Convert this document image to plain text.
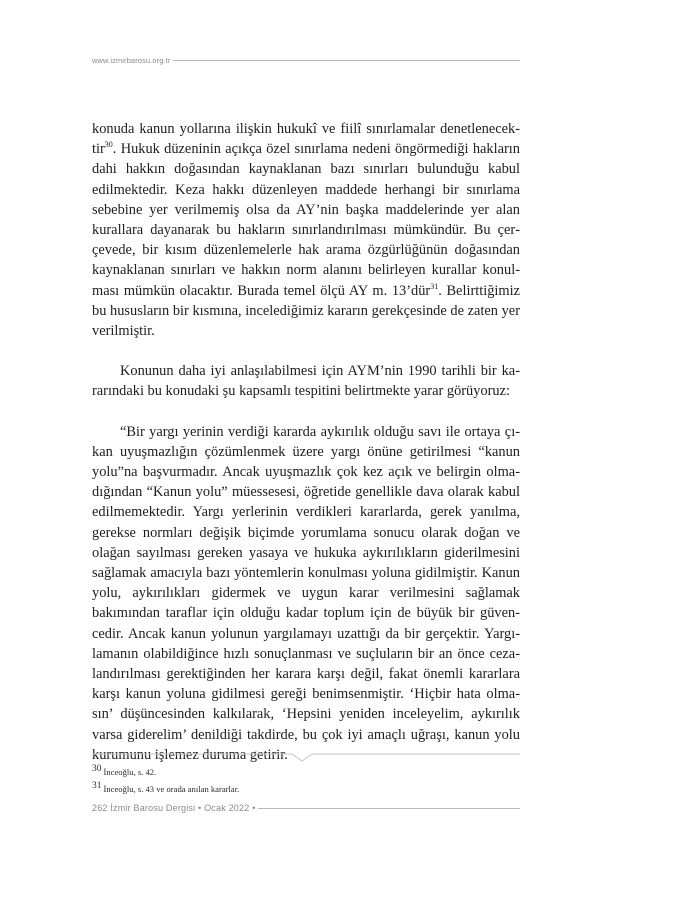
www.izmirbarosu.org.tr

konuda kanun yollarına ilişkin hukukî ve fiilî sınırlamalar denetlenecektir$^{30}$. Hukuk düzeninin açıkça özel sınırlama nedeni öngörmediği hakların dahi hakkın doğasından kaynaklanan bazı sınırları bulunduğu kabul edilmektedir. Keza hakkı düzenleyen maddede herhangi bir sınırlama sebebine yer verilmemiş olsa da AY’nin başka maddelerinde yer alan kurallara dayanarak bu hakların sınırlandırılması mümkündür. Bu çerçevede, bir kısım düzenlemelerle hak arama özgürlüğünün doğasından kaynaklanan sınırları ve hakkın norm alanını belirleyen kurallar konulması mümkün olacaktır. Burada temel ölçü AY m. 13’dür$^{31}$. Belirttiğimiz bu hususların bir kısmına, incelediğimiz kararın gerekçesinde de zaten yer verilmiştir.

Konunun daha iyi anlaşılabilmesi için AYM’nin 1990 tarihli bir kararındaki bu konudaki şu kapsamlı tespitini belirtmekte yarar görüyoruz:

“Bir yargı yerinin verdiği kararda aykırılık olduğu savı ile ortaya çıkan uyuşmazlığın çözümlenmek üzere yargı önüne getirilmesi “kanun yolu”na başvurmadır. Ancak uyuşmazlık çok kez açık ve belirgin olmadığından “Kanun yolu” müessesesi, öğretide genellikle dava olarak kabul edilmemektedir. Yargı yerlerinin verdikleri kararlarda, gerek yanılma, gerekse normları değişik biçimde yorumlama sonucu olarak doğan ve olağan sayılması gereken yasaya ve hukuka aykırılıkların giderilmesini sağlamak amacıyla bazı yöntemlerin konulması yoluna gidilmiştir. Kanun yolu, aykırılıkları gidermek ve uygun karar verilmesini sağlamak bakımından taraflar için olduğu kadar toplum için de büyük bir güvencedir. Ancak kanun yolunun yargılamayı uzattığı da bir gerçektir. Yargılamanın olabildiğince hızlı sonuçlanması ve suçluların bir an önce cezalandırılması gerektiğinden her karara karşı değil, fakat önemli kararlara karşı kanun yoluna gidilmesi gereği benimsenmiştir. ‘Hiçbir hata olmasın’ düşüncesinden kalkılarak, ‘Hepsini yeniden inceleyelim, aykırılık varsa giderelim’ denildiği takdirde, bu çok iyi amaçlı uğraşı, kanun yolu kurumunu işlemez duruma getirir.

$^{30}$ İnceoğlu, s. 42.
$^{31}$ İnceoğlu, s. 43 ve orada anılan kararlar.
262 İzmir Barosu Dergisi • Ocak 2022 •
